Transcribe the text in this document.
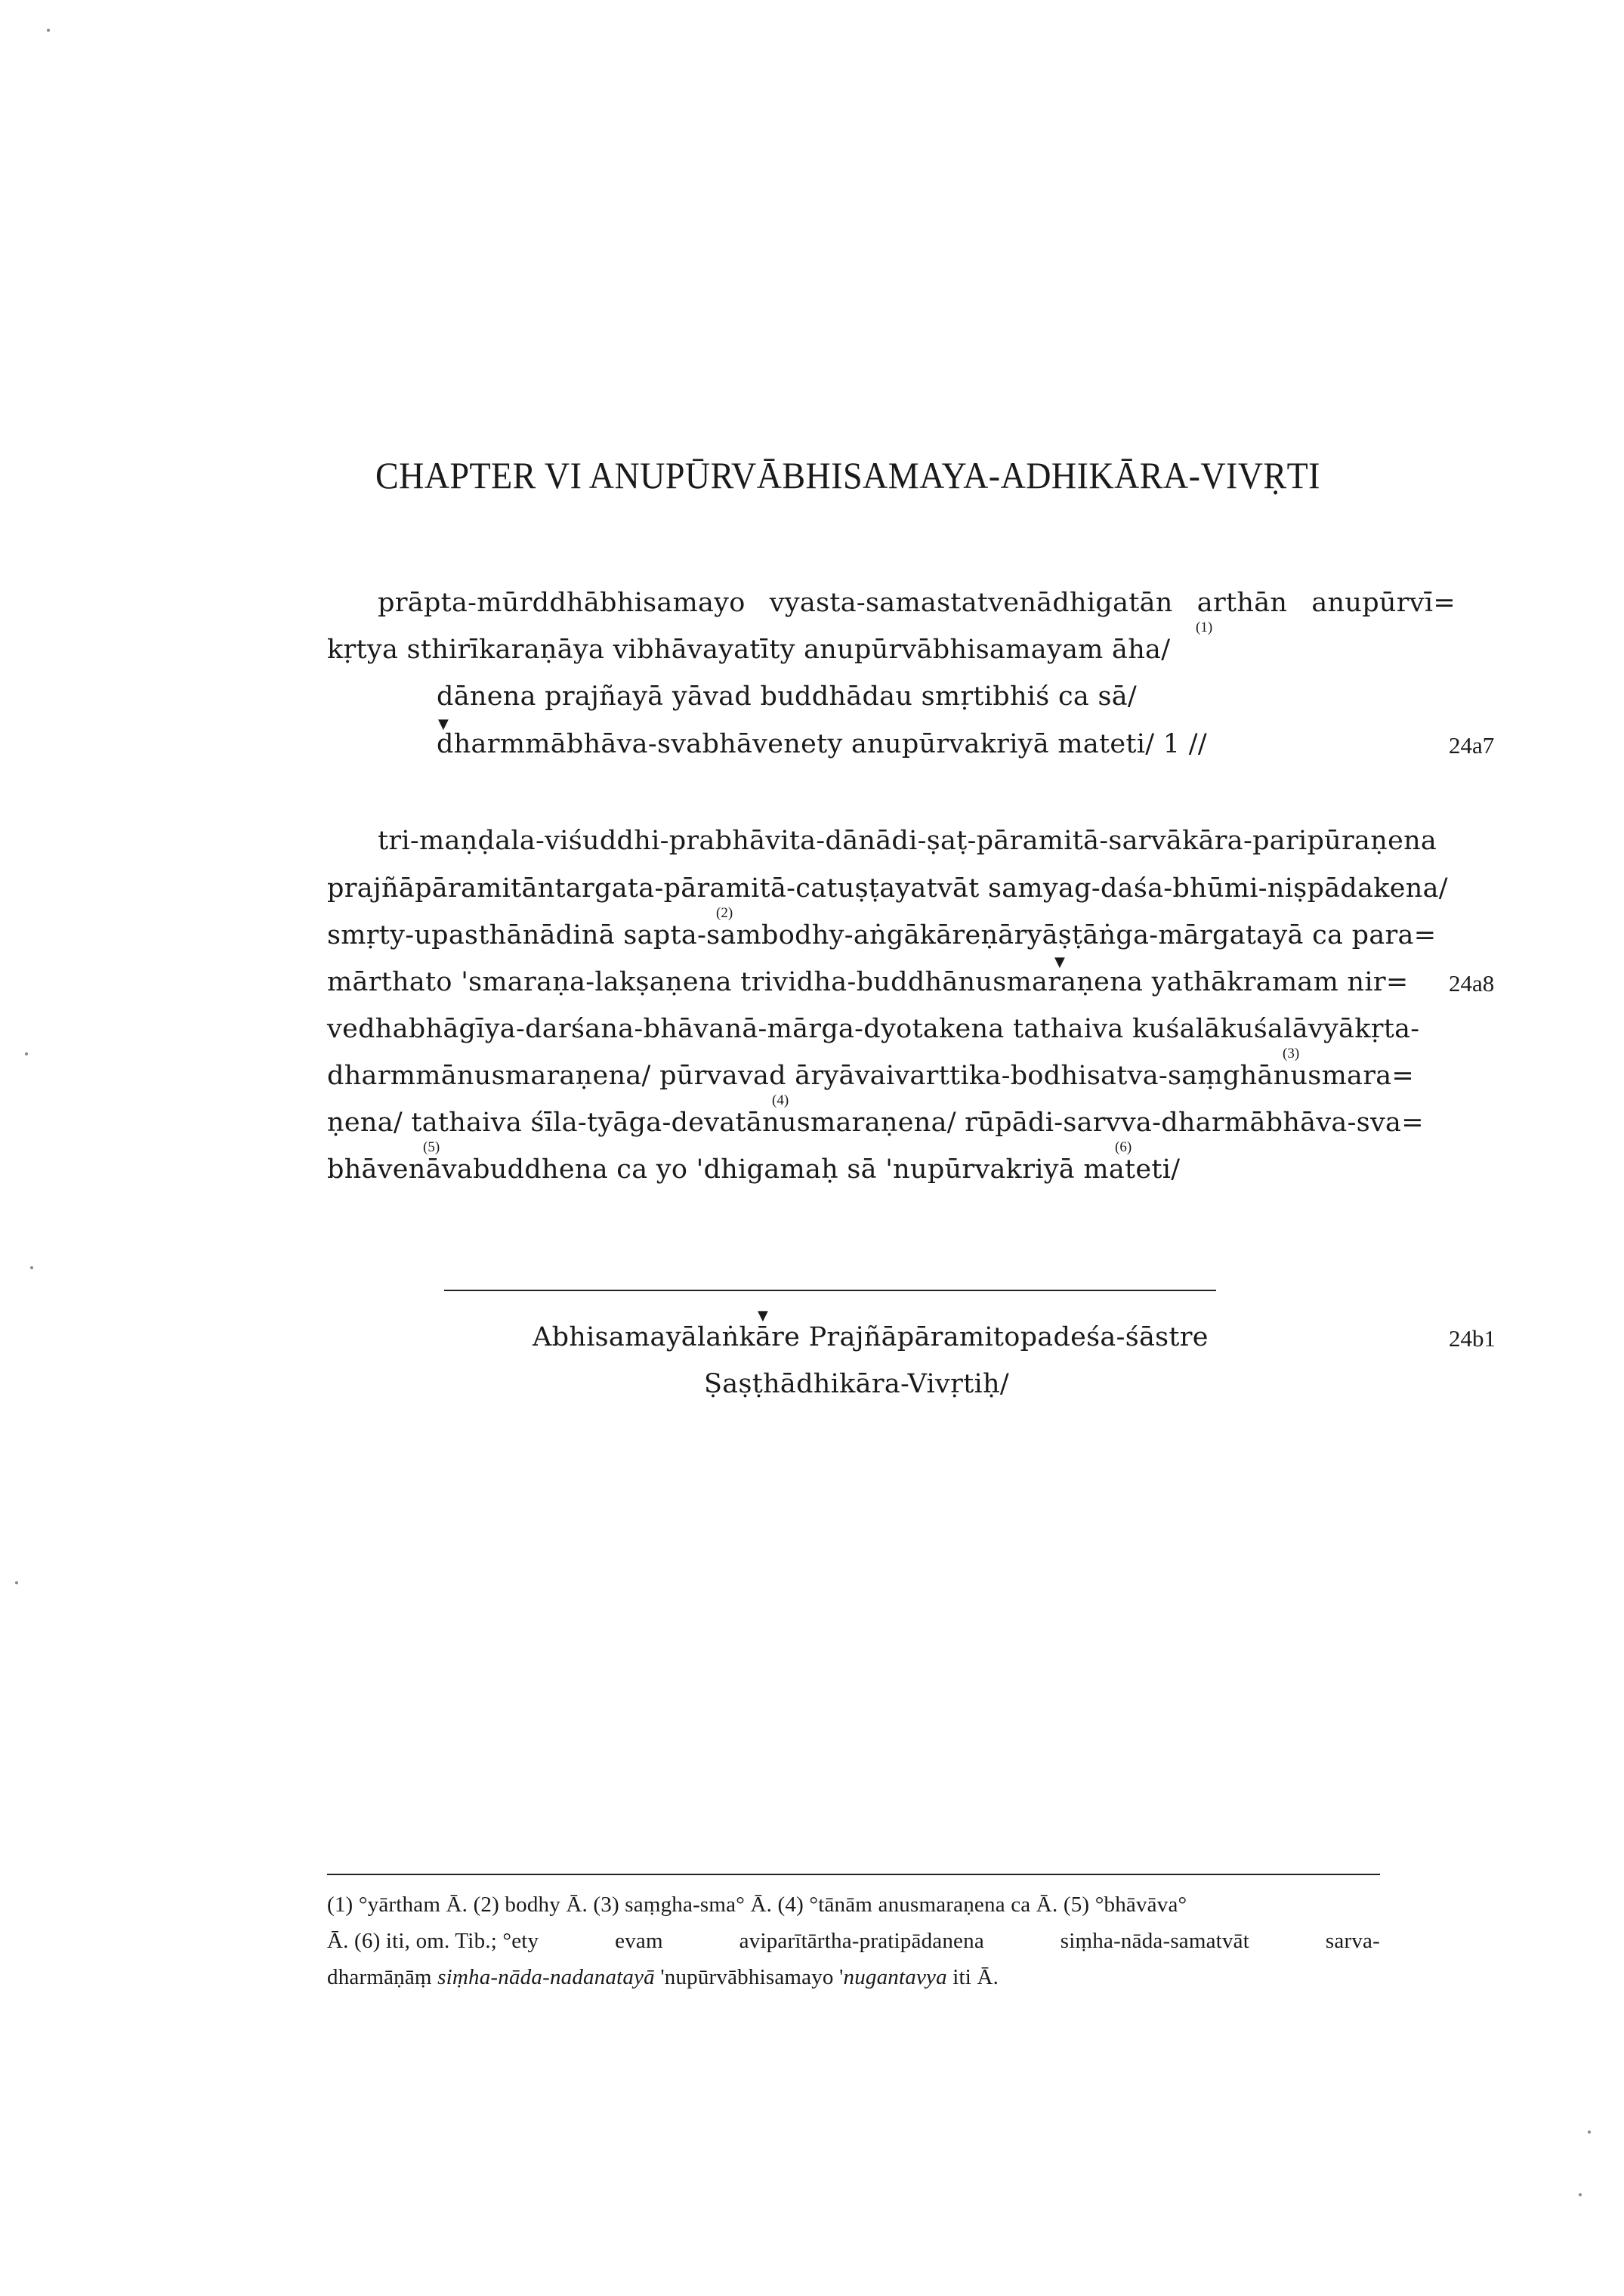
CHAPTER VI ANUPŪRVĀBHISAMAYA-ADHIKĀRA-VIVṚTI
prāpta-mūrddhābhisamayo vyasta-samastatvenādhigatān arthān anupūrvī=
(1)
kṛtya sthirīkaraṇāya vibhāvayatīty anupūrvābhisamayam āha/
dānena prajñayā yāvad buddhādau smṛtibhiś ca sā/
▼
dharmmābhāva-svabhāvenety anupūrvakriyā mateti/ 1 //	24a7
tri-maṇḍala-viśuddhi-prabhāvita-dānādi-ṣaṭ-pāramitā-sarvākāra-paripūraṇena
prajñāpāramitāntargata-pāramitā-catuṣṭayatvāt samyag-daśa-bhūmi-niṣpādakena/
(2)
smṛty-upasthānādinā sapta-sambodhy-aṅgākāreṇāryāṣṭāṅga-mārgatayā ca para=
▼
mārthato 'smaraṇa-lakṣaṇena trividha-buddhānusmaraṇena yathākramam nir= 24a8
vedhabhāgīya-darśana-bhāvanā-mārga-dyotakena tathaiva kuśalākuśalāvyākṛta-
(3)
dharmmānusmaraṇena/ pūrvavad āryāvaivarttika-bodhisatva-saṃghānusmara=
(4)
ṇena/ tathaiva śīla-tyāga-devatānusmaraṇena/ rūpādi-sarvva-dharmābhāva-sva=
(5)	(6)
bhāvenāvabuddhena ca yo 'dhigamaḥ sā 'nupūrvakriyā mateti/
▼
Abhisamayālaṅkāre Prajñāpāramitopadeśa-śāstre	24b1
Ṣaṣṭhādhikāra-Vivṛtiḥ/
(1) °yārtham Ā. (2) bodhy Ā. (3) saṃgha-sma° Ā. (4) °tānām anusmaraṇena ca Ā. (5) °bhāvāva°
Ā. (6) iti, om. Tib.; °ety	evam	aviparītārtha-pratipādanena	siṃha-nāda-samatvāt	sarva-
dharmāṇāṃ siṃha-nāda-nadanatayā 'nupūrvābhisamayo 'nugantavya iti Ā.
